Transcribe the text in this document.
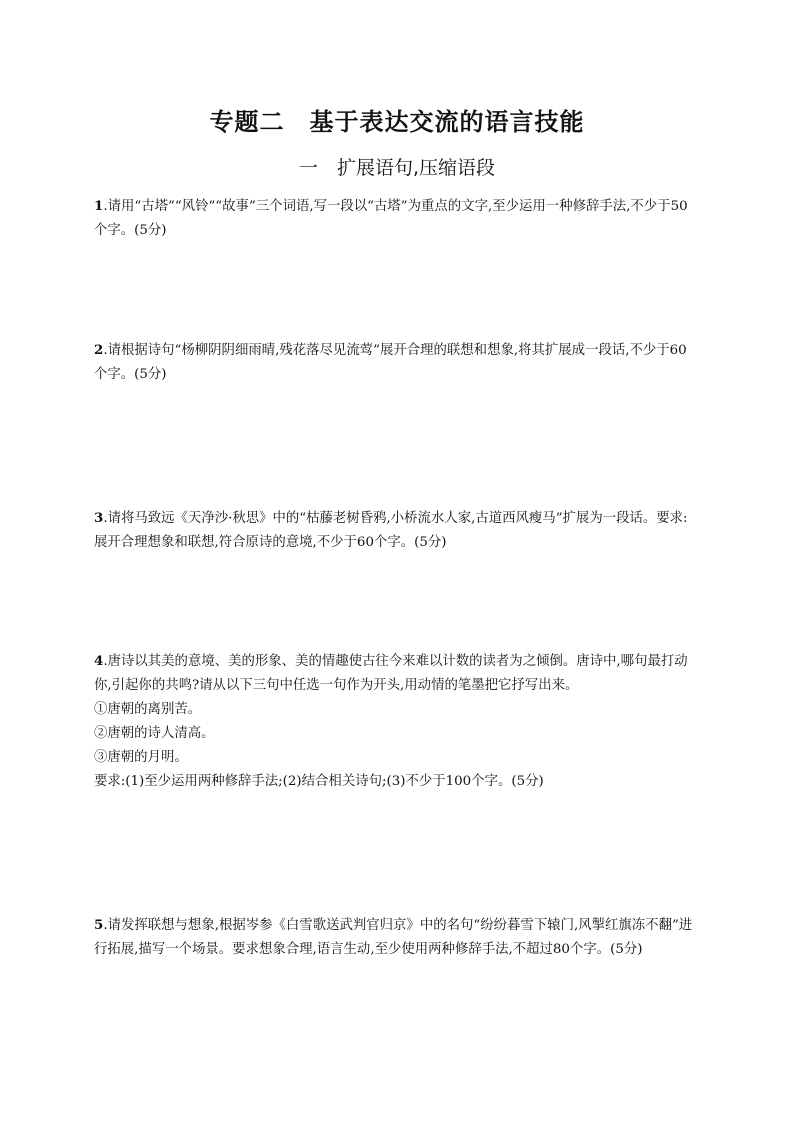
专题二　基于表达交流的语言技能
一　扩展语句,压缩语段

1.请用“古塔”“风铃”“故事”三个词语,写一段以“古塔”为重点的文字,至少运用一种修辞手法,不少于50个字。(5分)

2.请根据诗句“杨柳阴阴细雨晴,残花落尽见流莺”展开合理的联想和想象,将其扩展成一段话,不少于60个字。(5分)

3.请将马致远《天净沙·秋思》中的“枯藤老树昏鸦,小桥流水人家,古道西风瘦马”扩展为一段话。要求:展开合理想象和联想,符合原诗的意境,不少于60个字。(5分)

4.唐诗以其美的意境、美的形象、美的情趣使古往今来难以计数的读者为之倾倒。唐诗中,哪句最打动你,引起你的共鸣?请从以下三句中任选一句作为开头,用动情的笔墨把它抒写出来。

①唐朝的离别苦。

②唐朝的诗人清高。

③唐朝的月明。

要求:(1)至少运用两种修辞手法;(2)结合相关诗句;(3)不少于100个字。(5分)

5.请发挥联想与想象,根据岑参《白雪歌送武判官归京》中的名句“纷纷暮雪下辕门,风掣红旗冻不翻”进行拓展,描写一个场景。要求想象合理,语言生动,至少使用两种修辞手法,不超过80个字。(5分)
